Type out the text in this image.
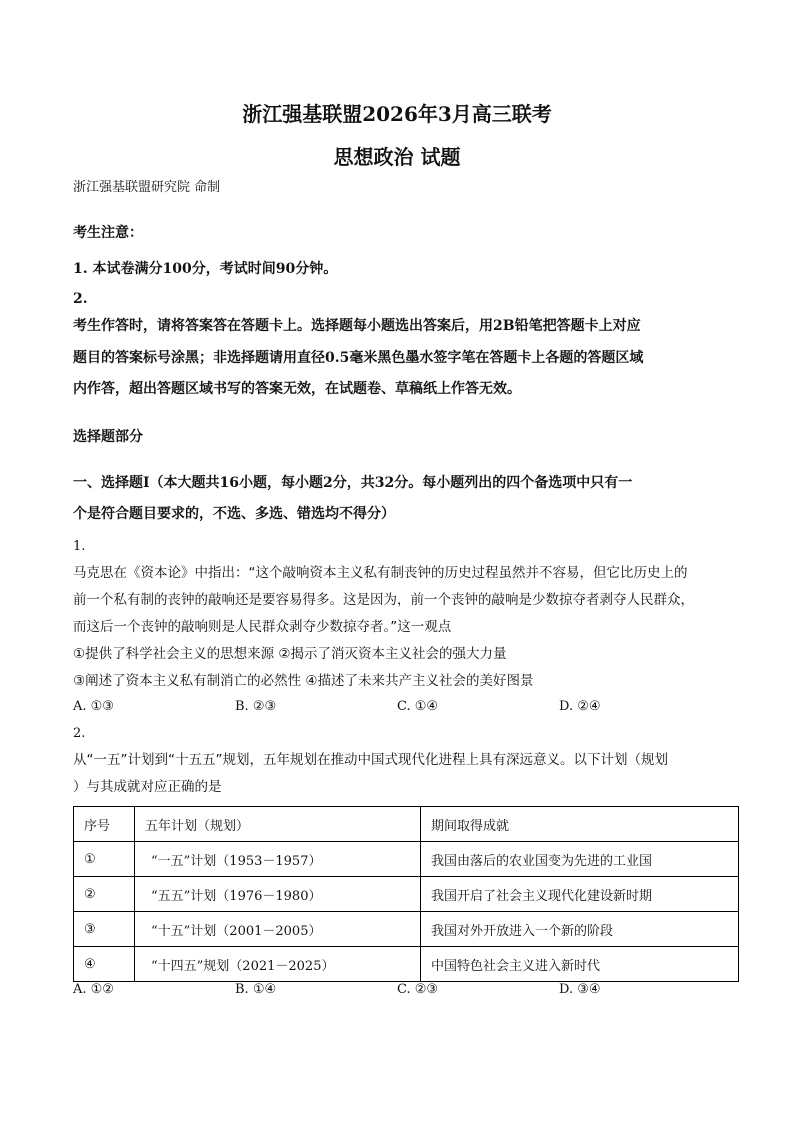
浙江强基联盟2026年3月高三联考
思想政治 试题
浙江强基联盟研究院 命制
考生注意：
1. 本试卷满分100分，考试时间90分钟。
2.
考生作答时，请将答案答在答题卡上。选择题每小题选出答案后，用2B铅笔把答题卡上对应
题目的答案标号涂黑；非选择题请用直径0.5毫米黑色墨水签字笔在答题卡上各题的答题区域
内作答，超出答题区域书写的答案无效，在试题卷、草稿纸上作答无效。
选择题部分
一、选择题Ⅰ（本大题共16小题，每小题2分，共32分。每小题列出的四个备选项中只有一
个是符合题目要求的，不选、多选、错选均不得分）
1.
马克思在《资本论》中指出：“这个敲响资本主义私有制丧钟的历史过程虽然并不容易，但它比历史上的
前一个私有制的丧钟的敲响还是要容易得多。这是因为，前一个丧钟的敲响是少数掠夺者剥夺人民群众，
而这后一个丧钟的敲响则是人民群众剥夺少数掠夺者。”这一观点
①提供了科学社会主义的思想来源 ②揭示了消灭资本主义社会的强大力量
③阐述了资本主义私有制消亡的必然性 ④描述了未来共产主义社会的美好图景
A. ①③	B. ②③	C. ①④	D. ②④
2.
从“一五”计划到“十五五”规划，五年规划在推动中国式现代化进程上具有深远意义。以下计划（规划
）与其成就对应正确的是
序号	五年计划（规划）	期间取得成就
①	“一五”计划（1953－1957）	我国由落后的农业国变为先进的工业国
②	“五五”计划（1976－1980）	我国开启了社会主义现代化建设新时期
③	“十五”计划（2001－2005）	我国对外开放进入一个新的阶段
④	“十四五”规划（2021－2025）	中国特色社会主义进入新时代
A. ①②	B. ①④	C. ②③	D. ③④
